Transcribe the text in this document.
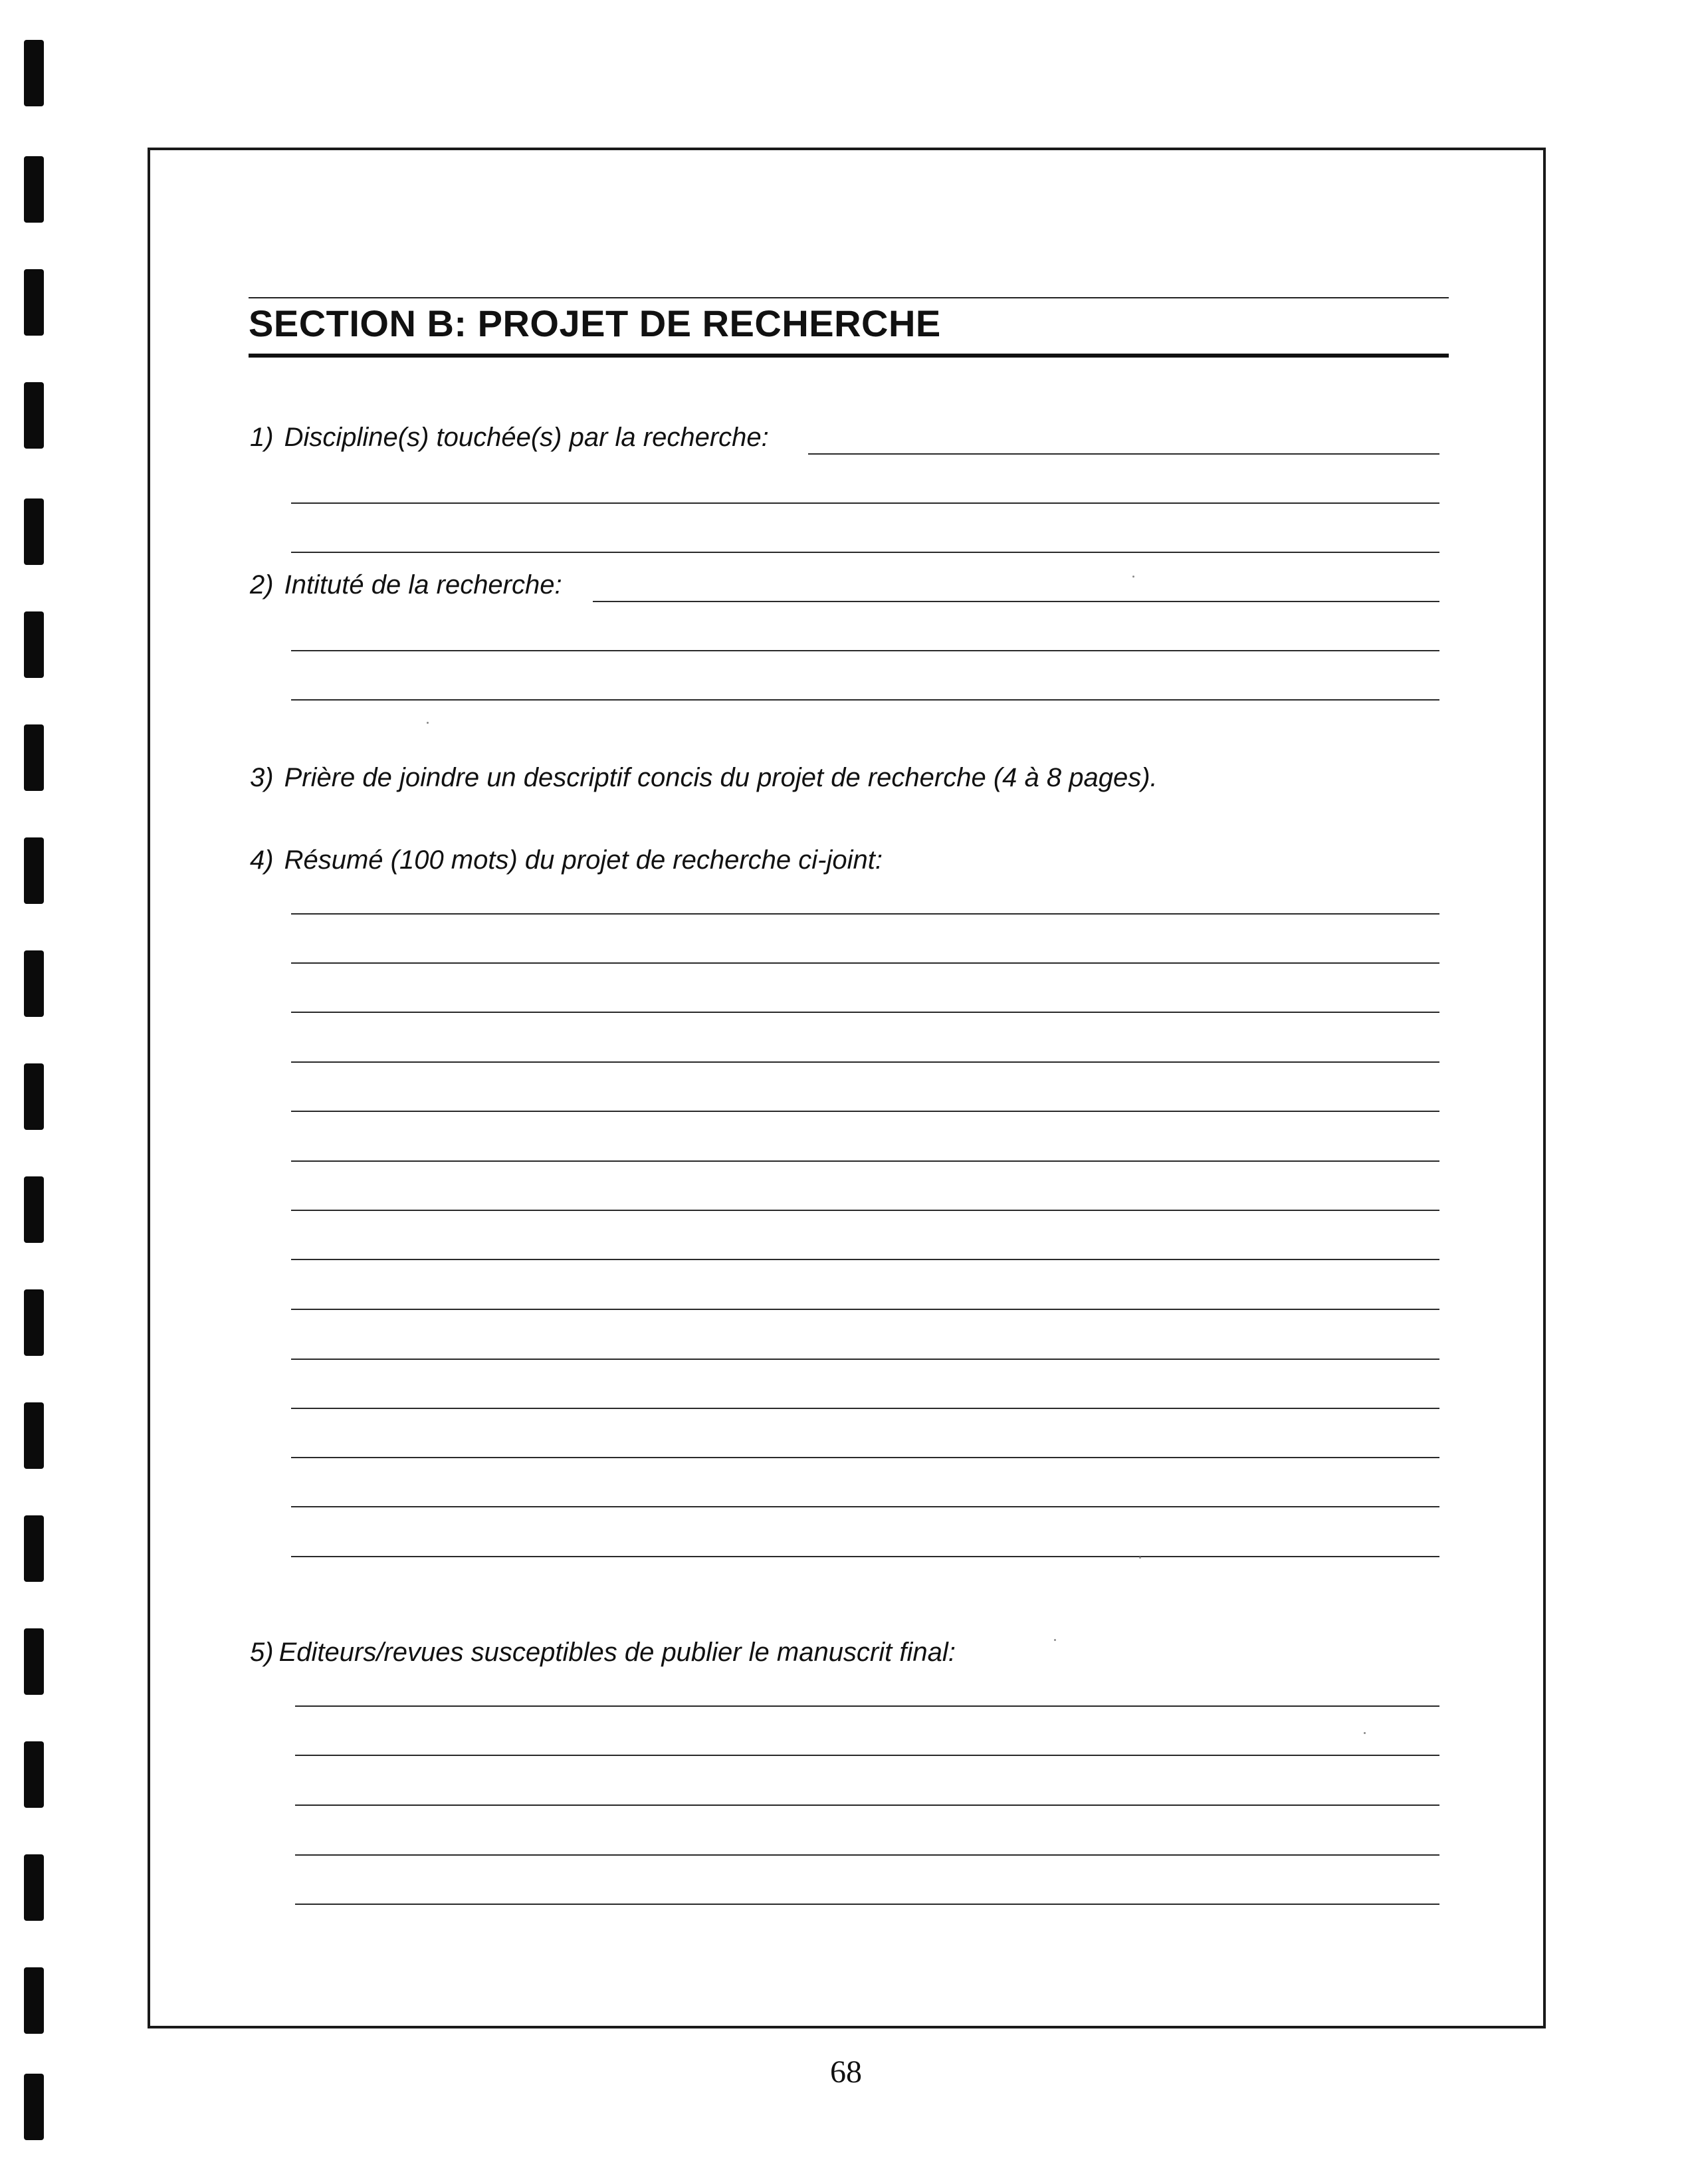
SECTION B: PROJET DE RECHERCHE
1) Discipline(s) touchée(s) par la recherche:
2) Intituté de la recherche:
3) Prière de joindre un descriptif concis du projet de recherche (4 à 8 pages).
4) Résumé (100 mots) du projet de recherche ci-joint:
5) Editeurs/revues susceptibles de publier le manuscrit final:
68
